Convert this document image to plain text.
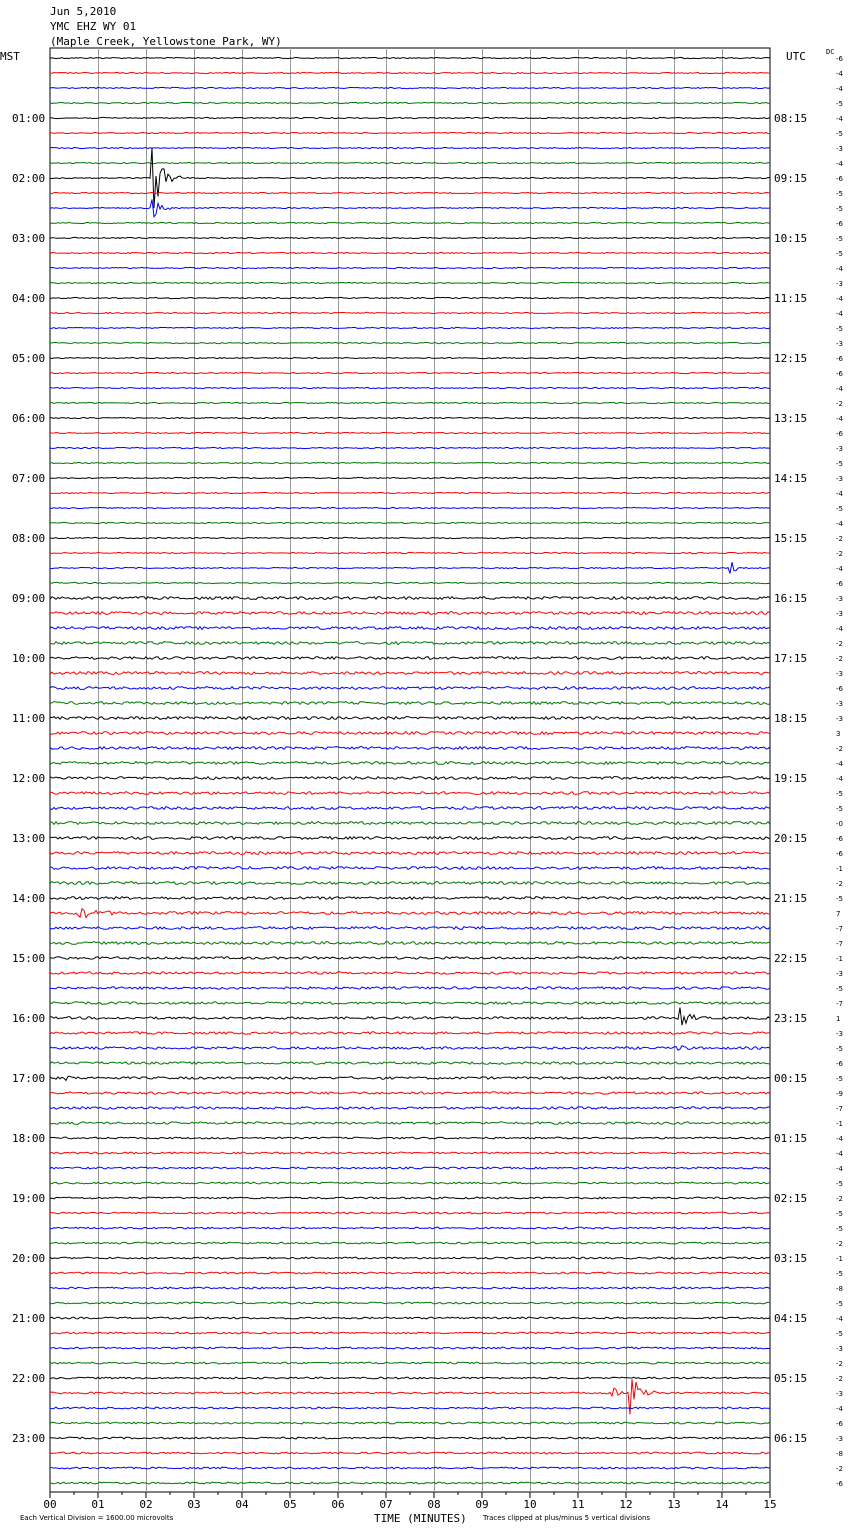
Jun 5,2010
YMC EHZ WY 01
(Maple Creek, Yellowstone Park, WY)
MST	UTC	DC
-6
-4
-4
-5
-4
-5
-3
-4
-6
-5
-5
-6
-5
-5
-4
-3
-4
-4
-5
-3
-6
-6
-4
-2
-4
-6
-3
-5
-3
-4
-5
-4
-2
-2
-4
-6
-3
-3
-4
-2
-2
-3
-6
-3
-3
3
-2
-4
-4
-5
-5
-0
-6
-6
-1
-2
-5
7
-7
-7
-1
-3
-5
-7
1
-3
-5
-6
-5
-9
-7
-1
-4
-4
-4
-5
-2
-5
-5
-2
-1
-5
-8
-5
-4
-5
-3
-2
-2
-3
-4
-6
-3
-8
-2
-6
01:00
02:00
03:00
04:00
05:00
06:00
07:00
08:00
09:00
10:00
11:00
12:00
13:00
14:00
15:00
16:00
17:00
18:00
19:00
20:00
21:00
22:00
23:00
08:15
09:15
10:15
11:15
12:15
13:15
14:15
15:15
16:15
17:15
18:15
19:15
20:15
21:15
22:15
23:15
00:15
01:15
02:15
03:15
04:15
05:15
06:15
00	01	02	03	04	05	06	07	08	09	10	11	12	13	14	15
TIME (MINUTES)
Each Vertical Division = 1600.00 microvolts	Traces clipped at plus/minus 5 vertical divisions
